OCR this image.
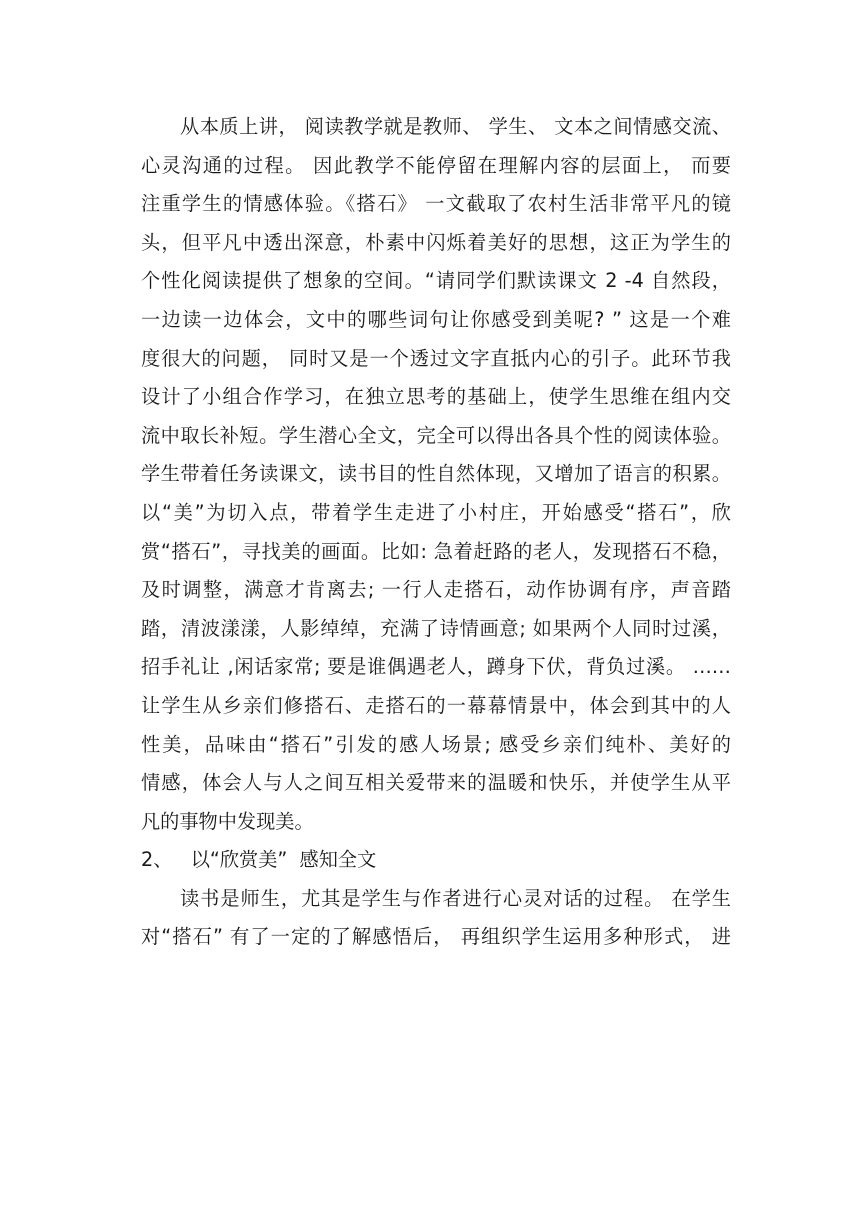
从本质上讲， 阅读教学就是教师、 学生、 文本之间情感交流、
心灵沟通的过程。 因此教学不能停留在理解内容的层面上， 而要
注重学生的情感体验。《搭石》 一文截取了农村生活非常平凡的镜
头，但平凡中透出深意，朴素中闪烁着美好的思想，这正为学生的
个性化阅读提供了想象的空间。“请同学们默读课文 2 -4 自然段，
一边读一边体会，文中的哪些词句让你感受到美呢? ” 这是一个难
度很大的问题， 同时又是一个透过文字直抵内心的引子。此环节我
设计了小组合作学习，在独立思考的基础上，使学生思维在组内交
流中取长补短。学生潜心全文，完全可以得出各具个性的阅读体验。
学生带着任务读课文，读书目的性自然体现，又增加了语言的积累。
以“美”为切入点，带着学生走进了小村庄，开始感受“搭石”，欣
赏“搭石”，寻找美的画面。比如: 急着赶路的老人，发现搭石不稳，
及时调整，满意才肯离去; 一行人走搭石，动作协调有序，声音踏
踏，清波漾漾，人影绰绰，充满了诗情画意; 如果两个人同时过溪，
招手礼让 ,闲话家常; 要是谁偶遇老人，蹲身下伏，背负过溪。 ……
让学生从乡亲们修搭石、走搭石的一幕幕情景中，体会到其中的人
性美，品味由“搭石”引发的感人场景; 感受乡亲们纯朴、美好的
情感，体会人与人之间互相关爱带来的温暖和快乐，并使学生从平
凡的事物中发现美。
2、   以“欣赏美”  感知全文
读书是师生，尤其是学生与作者进行心灵对话的过程。 在学生
对“搭石” 有了一定的了解感悟后， 再组织学生运用多种形式， 进
